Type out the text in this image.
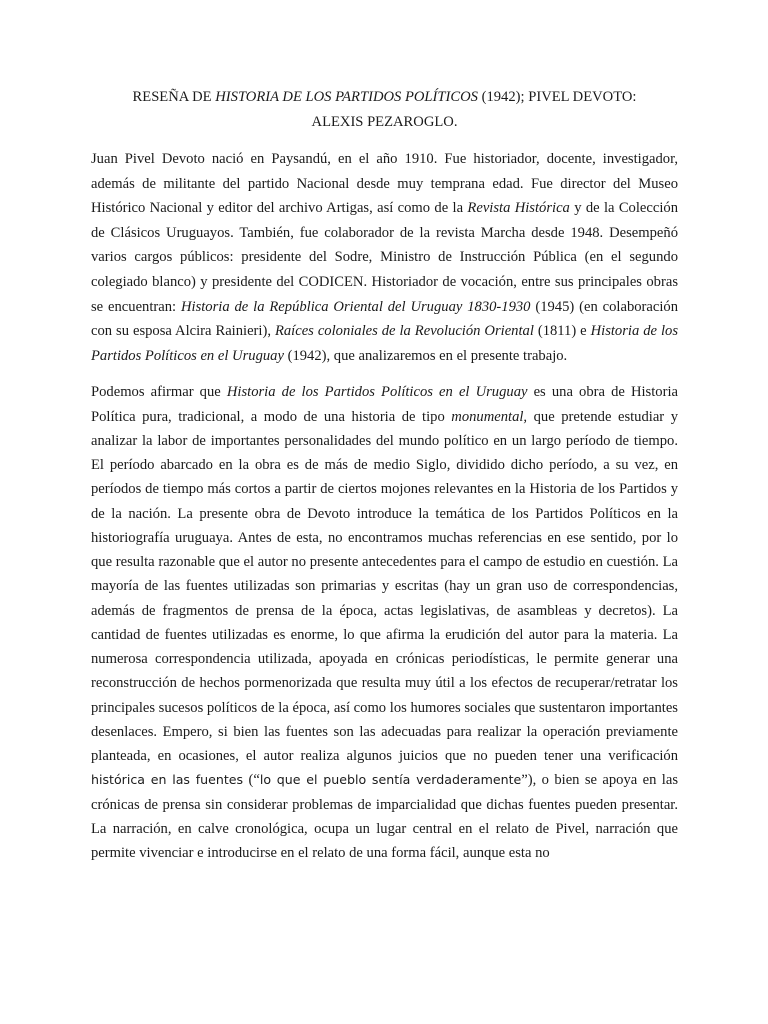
RESEÑA DE HISTORIA DE LOS PARTIDOS POLÍTICOS (1942); PIVEL DEVOTO:
ALEXIS PEZAROGLO.

Juan Pivel Devoto nació en Paysandú, en el año 1910. Fue historiador, docente, investigador, además de militante del partido Nacional desde muy temprana edad. Fue director del Museo Histórico Nacional y editor del archivo Artigas, así como de la Revista Histórica y de la Colección de Clásicos Uruguayos. También, fue colaborador de la revista Marcha desde 1948. Desempeñó varios cargos públicos: presidente del Sodre, Ministro de Instrucción Pública (en el segundo colegiado blanco) y presidente del CODICEN. Historiador de vocación, entre sus principales obras se encuentran: Historia de la República Oriental del Uruguay 1830-1930 (1945) (en colaboración con su esposa Alcira Rainieri), Raíces coloniales de la Revolución Oriental (1811) e Historia de los Partidos Políticos en el Uruguay (1942), que analizaremos en el presente trabajo.

Podemos afirmar que Historia de los Partidos Políticos en el Uruguay es una obra de Historia Política pura, tradicional, a modo de una historia de tipo monumental, que pretende estudiar y analizar la labor de importantes personalidades del mundo político en un largo período de tiempo. El período abarcado en la obra es de más de medio Siglo, dividido dicho período, a su vez, en períodos de tiempo más cortos a partir de ciertos mojones relevantes en la Historia de los Partidos y de la nación. La presente obra de Devoto introduce la temática de los Partidos Políticos en la historiografía uruguaya. Antes de esta, no encontramos muchas referencias en ese sentido, por lo que resulta razonable que el autor no presente antecedentes para el campo de estudio en cuestión. La mayoría de las fuentes utilizadas son primarias y escritas (hay un gran uso de correspondencias, además de fragmentos de prensa de la época, actas legislativas, de asambleas y decretos). La cantidad de fuentes utilizadas es enorme, lo que afirma la erudición del autor para la materia. La numerosa correspondencia utilizada, apoyada en crónicas periodísticas, le permite generar una reconstrucción de hechos pormenorizada que resulta muy útil a los efectos de recuperar/retratar los principales sucesos políticos de la época, así como los humores sociales que sustentaron importantes desenlaces. Empero, si bien las fuentes son las adecuadas para realizar la operación previamente planteada, en ocasiones, el autor realiza algunos juicios que no pueden tener una verificación histórica en las fuentes (“lo que el pueblo sentía verdaderamente”), o bien se apoya en las crónicas de prensa sin considerar problemas de imparcialidad que dichas fuentes pueden presentar. La narración, en calve cronológica, ocupa un lugar central en el relato de Pivel, narración que permite vivenciar e introducirse en el relato de una forma fácil, aunque esta no
